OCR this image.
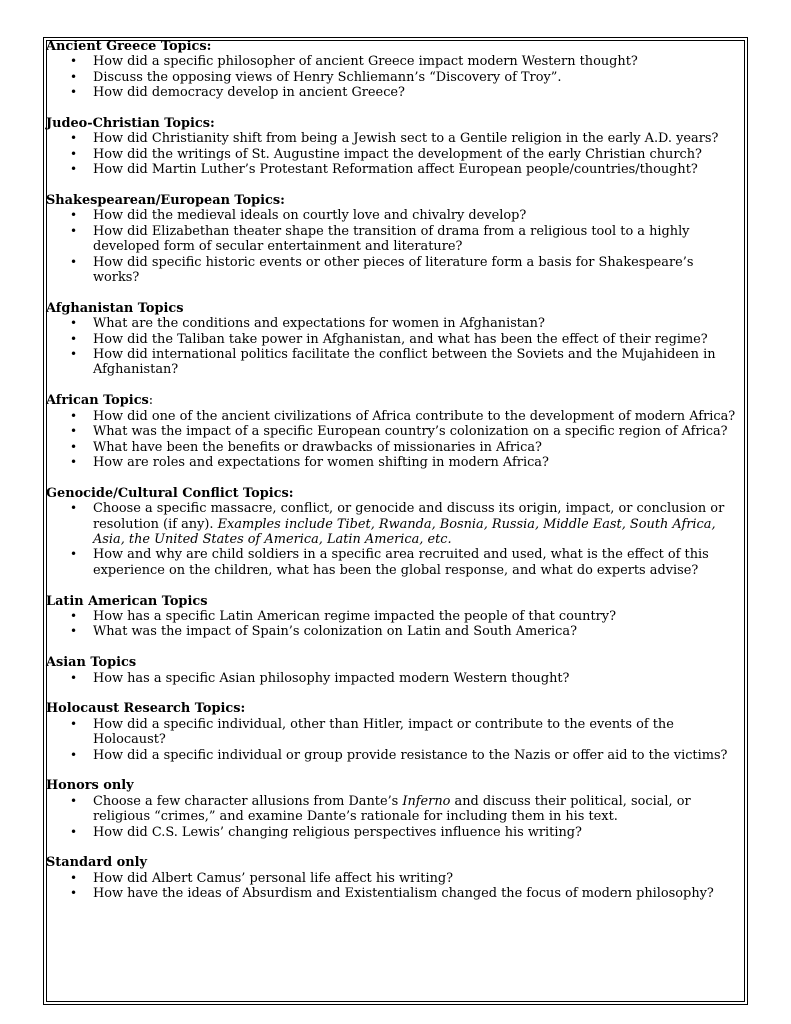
Ancient Greece Topics:
• How did a specific philosopher of ancient Greece impact modern Western thought?
• Discuss the opposing views of Henry Schliemann’s “Discovery of Troy”.
• How did democracy develop in ancient Greece?
Judeo-Christian Topics:
• How did Christianity shift from being a Jewish sect to a Gentile religion in the early A.D. years?
• How did the writings of St. Augustine impact the development of the early Christian church?
• How did Martin Luther’s Protestant Reformation affect European people/countries/thought?
Shakespearean/European Topics:
• How did the medieval ideals on courtly love and chivalry develop?
• How did Elizabethan theater shape the transition of drama from a religious tool to a highly developed form of secular entertainment and literature?
• How did specific historic events or other pieces of literature form a basis for Shakespeare’s works?
Afghanistan Topics
• What are the conditions and expectations for women in Afghanistan?
• How did the Taliban take power in Afghanistan, and what has been the effect of their regime?
• How did international politics facilitate the conflict between the Soviets and the Mujahideen in Afghanistan?
African Topics:
• How did one of the ancient civilizations of Africa contribute to the development of modern Africa?
• What was the impact of a specific European country’s colonization on a specific region of Africa?
• What have been the benefits or drawbacks of missionaries in Africa?
• How are roles and expectations for women shifting in modern Africa?
Genocide/Cultural Conflict Topics:
• Choose a specific massacre, conflict, or genocide and discuss its origin, impact, or conclusion or resolution (if any). Examples include Tibet, Rwanda, Bosnia, Russia, Middle East, South Africa, Asia, the United States of America, Latin America, etc.
• How and why are child soldiers in a specific area recruited and used, what is the effect of this experience on the children, what has been the global response, and what do experts advise?
Latin American Topics
• How has a specific Latin American regime impacted the people of that country?
• What was the impact of Spain’s colonization on Latin and South America?
Asian Topics
• How has a specific Asian philosophy impacted modern Western thought?
Holocaust Research Topics:
• How did a specific individual, other than Hitler, impact or contribute to the events of the Holocaust?
• How did a specific individual or group provide resistance to the Nazis or offer aid to the victims?
Honors only
• Choose a few character allusions from Dante’s Inferno and discuss their political, social, or religious “crimes,” and examine Dante’s rationale for including them in his text.
• How did C.S. Lewis’ changing religious perspectives influence his writing?
Standard only
• How did Albert Camus’ personal life affect his writing?
• How have the ideas of Absurdism and Existentialism changed the focus of modern philosophy?
